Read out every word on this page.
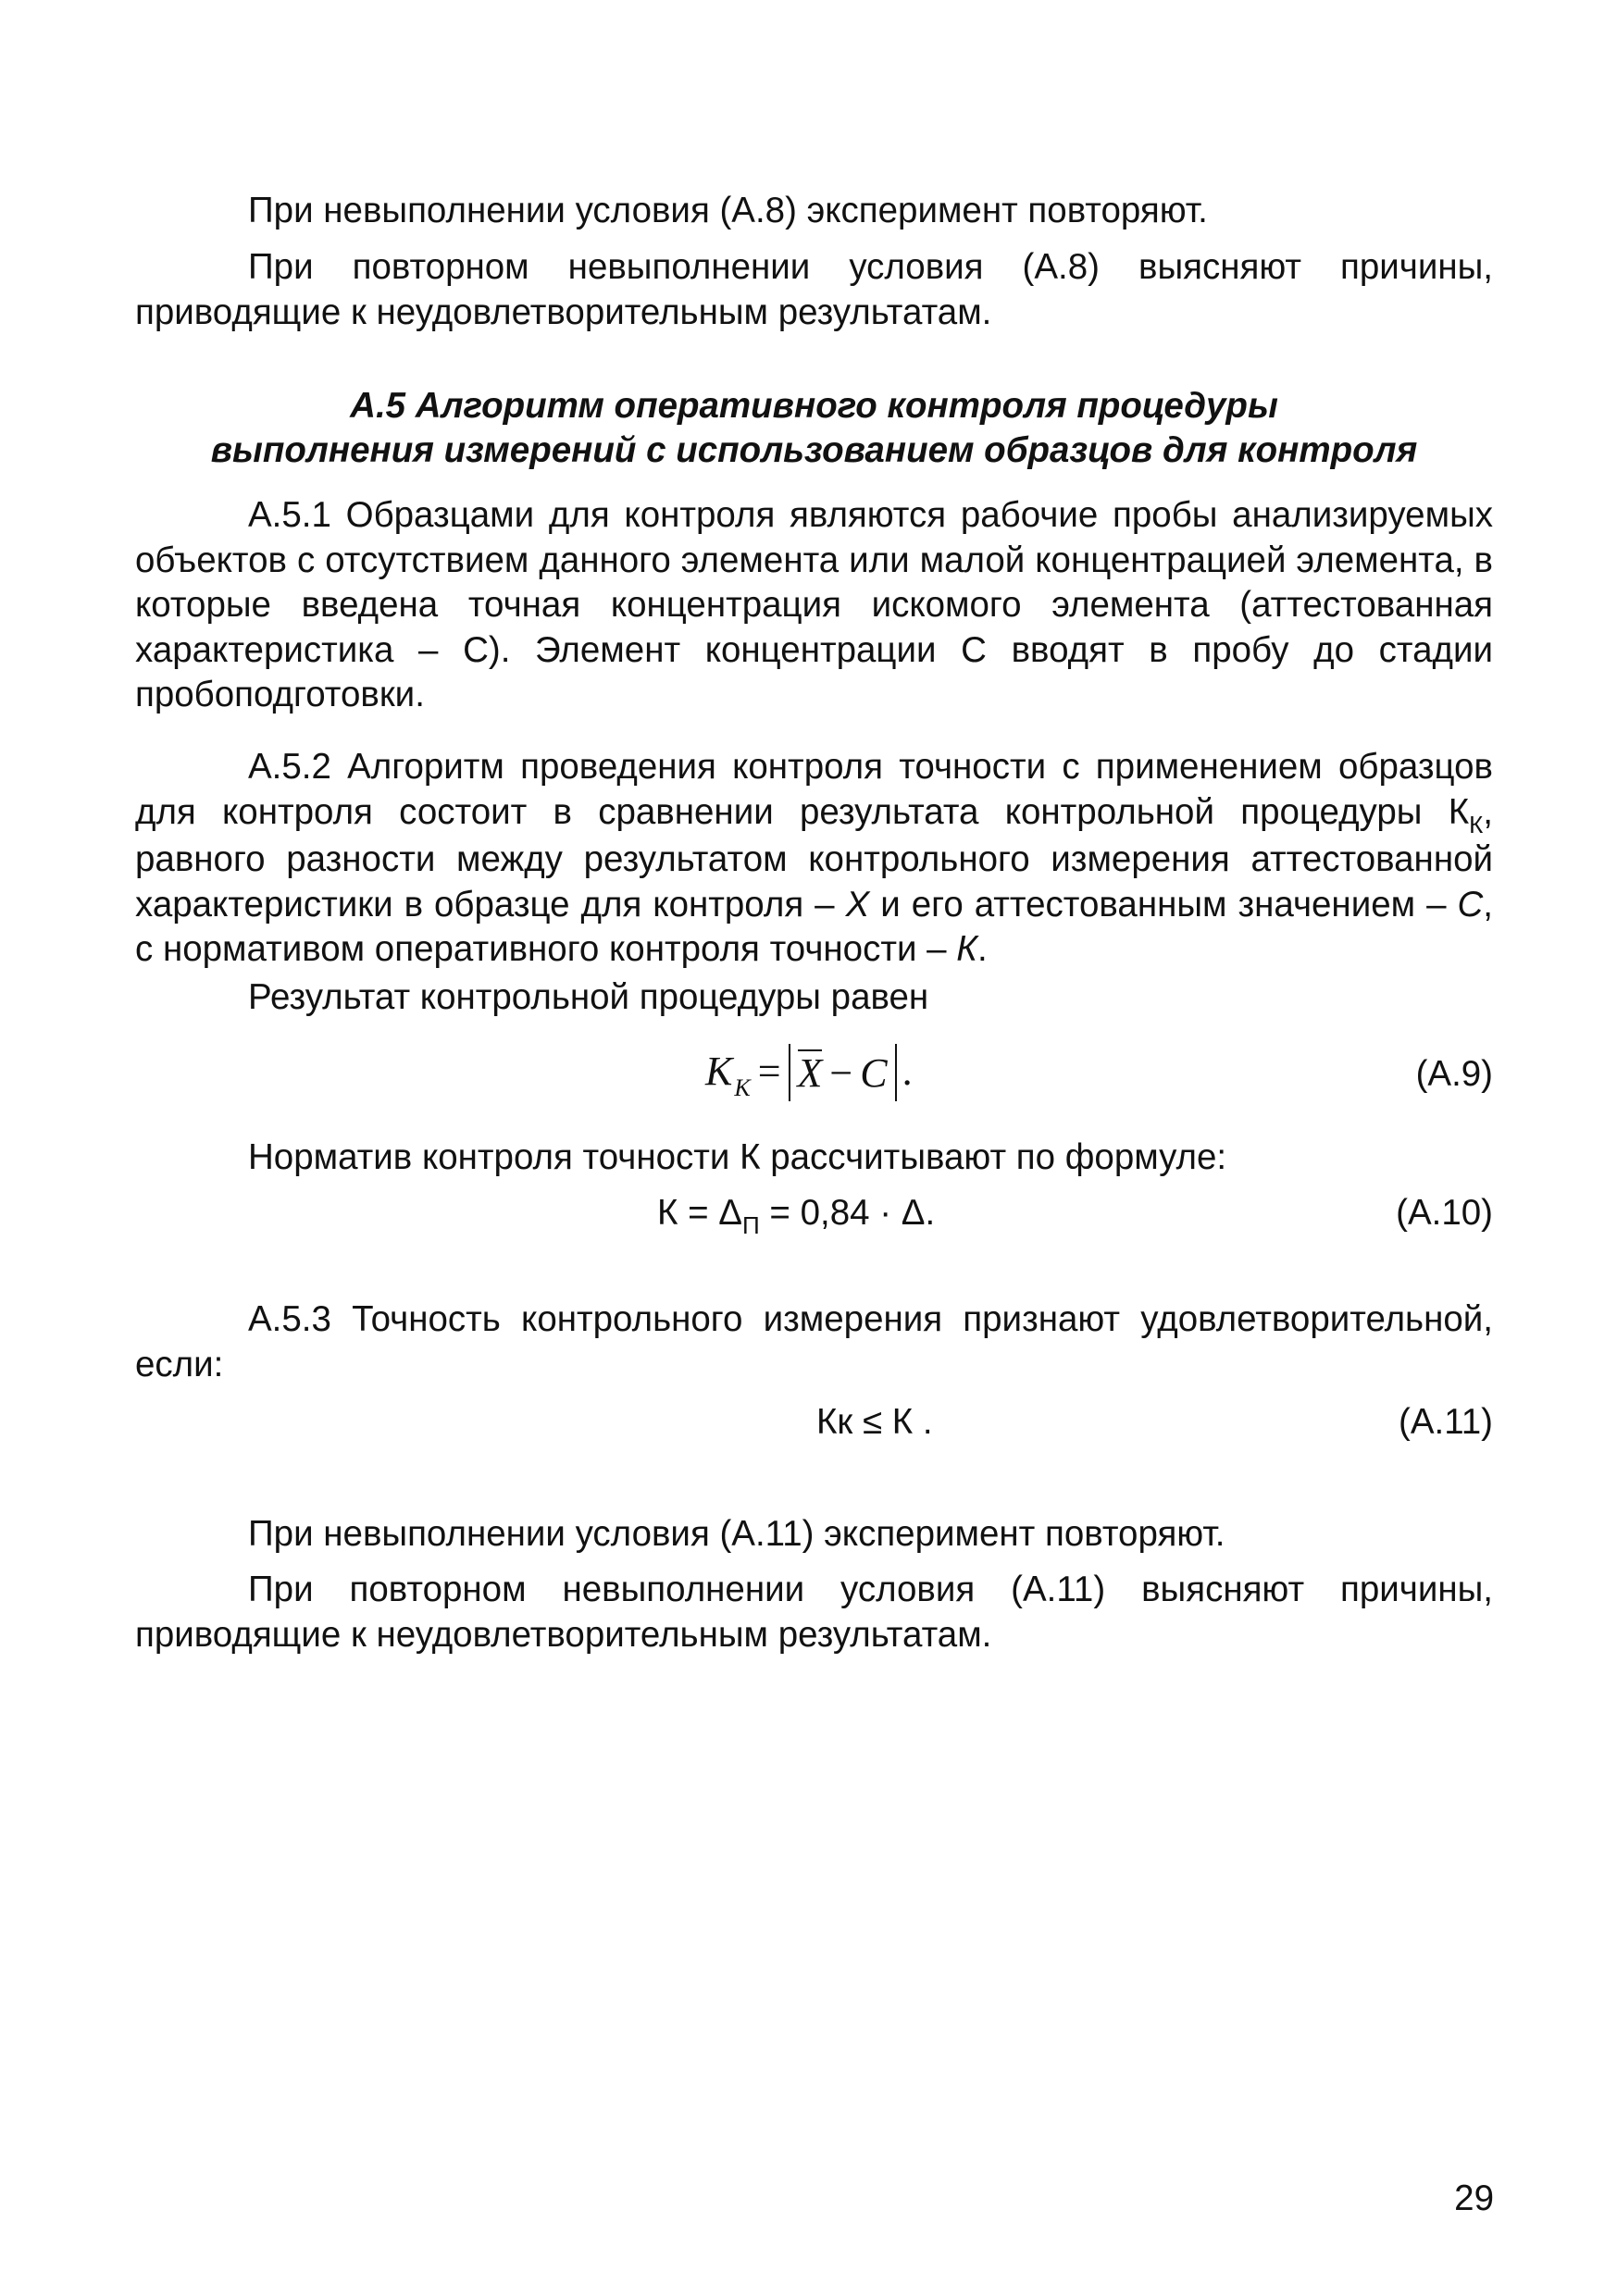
При невыполнении условия (А.8) эксперимент повторяют.

При повторном невыполнении условия (А.8) выясняют причины, приводящие к неудовлетворительным результатам.

А.5 Алгоритм оперативного контроля процедуры

выполнения измерений с использованием образцов для контроля

А.5.1 Образцами для контроля являются рабочие пробы анализируемых объектов с отсутствием данного элемента или малой концентрацией элемента, в которые введена точная концентрация искомого элемента (аттестованная характеристика – С). Элемент концентрации С вводят в пробу до стадии пробоподготовки.

А.5.2 Алгоритм проведения контроля точности с применением образцов для контроля состоит в сравнении результата контрольной процедуры $К_К$, равного разности между результатом контрольного измерения аттестованной характеристики в образце для контроля – X и его аттестованным значением – С, с нормативом оперативного контроля точности – К.

Результат контрольной процедуры равен

$K_K = X - C$ .	(А.9)

Норматив контроля точности К рассчитывают по формуле:

$К = \Delta_П = 0,84 \cdot \Delta$.	(А.10)

А.5.3 Точность контрольного измерения признают удовлетворительной, если:

Кк ≤ К .	(А.11)

При невыполнении условия (А.11) эксперимент повторяют.

При повторном невыполнении условия (А.11) выясняют причины, приводящие к неудовлетворительным результатам.

29
